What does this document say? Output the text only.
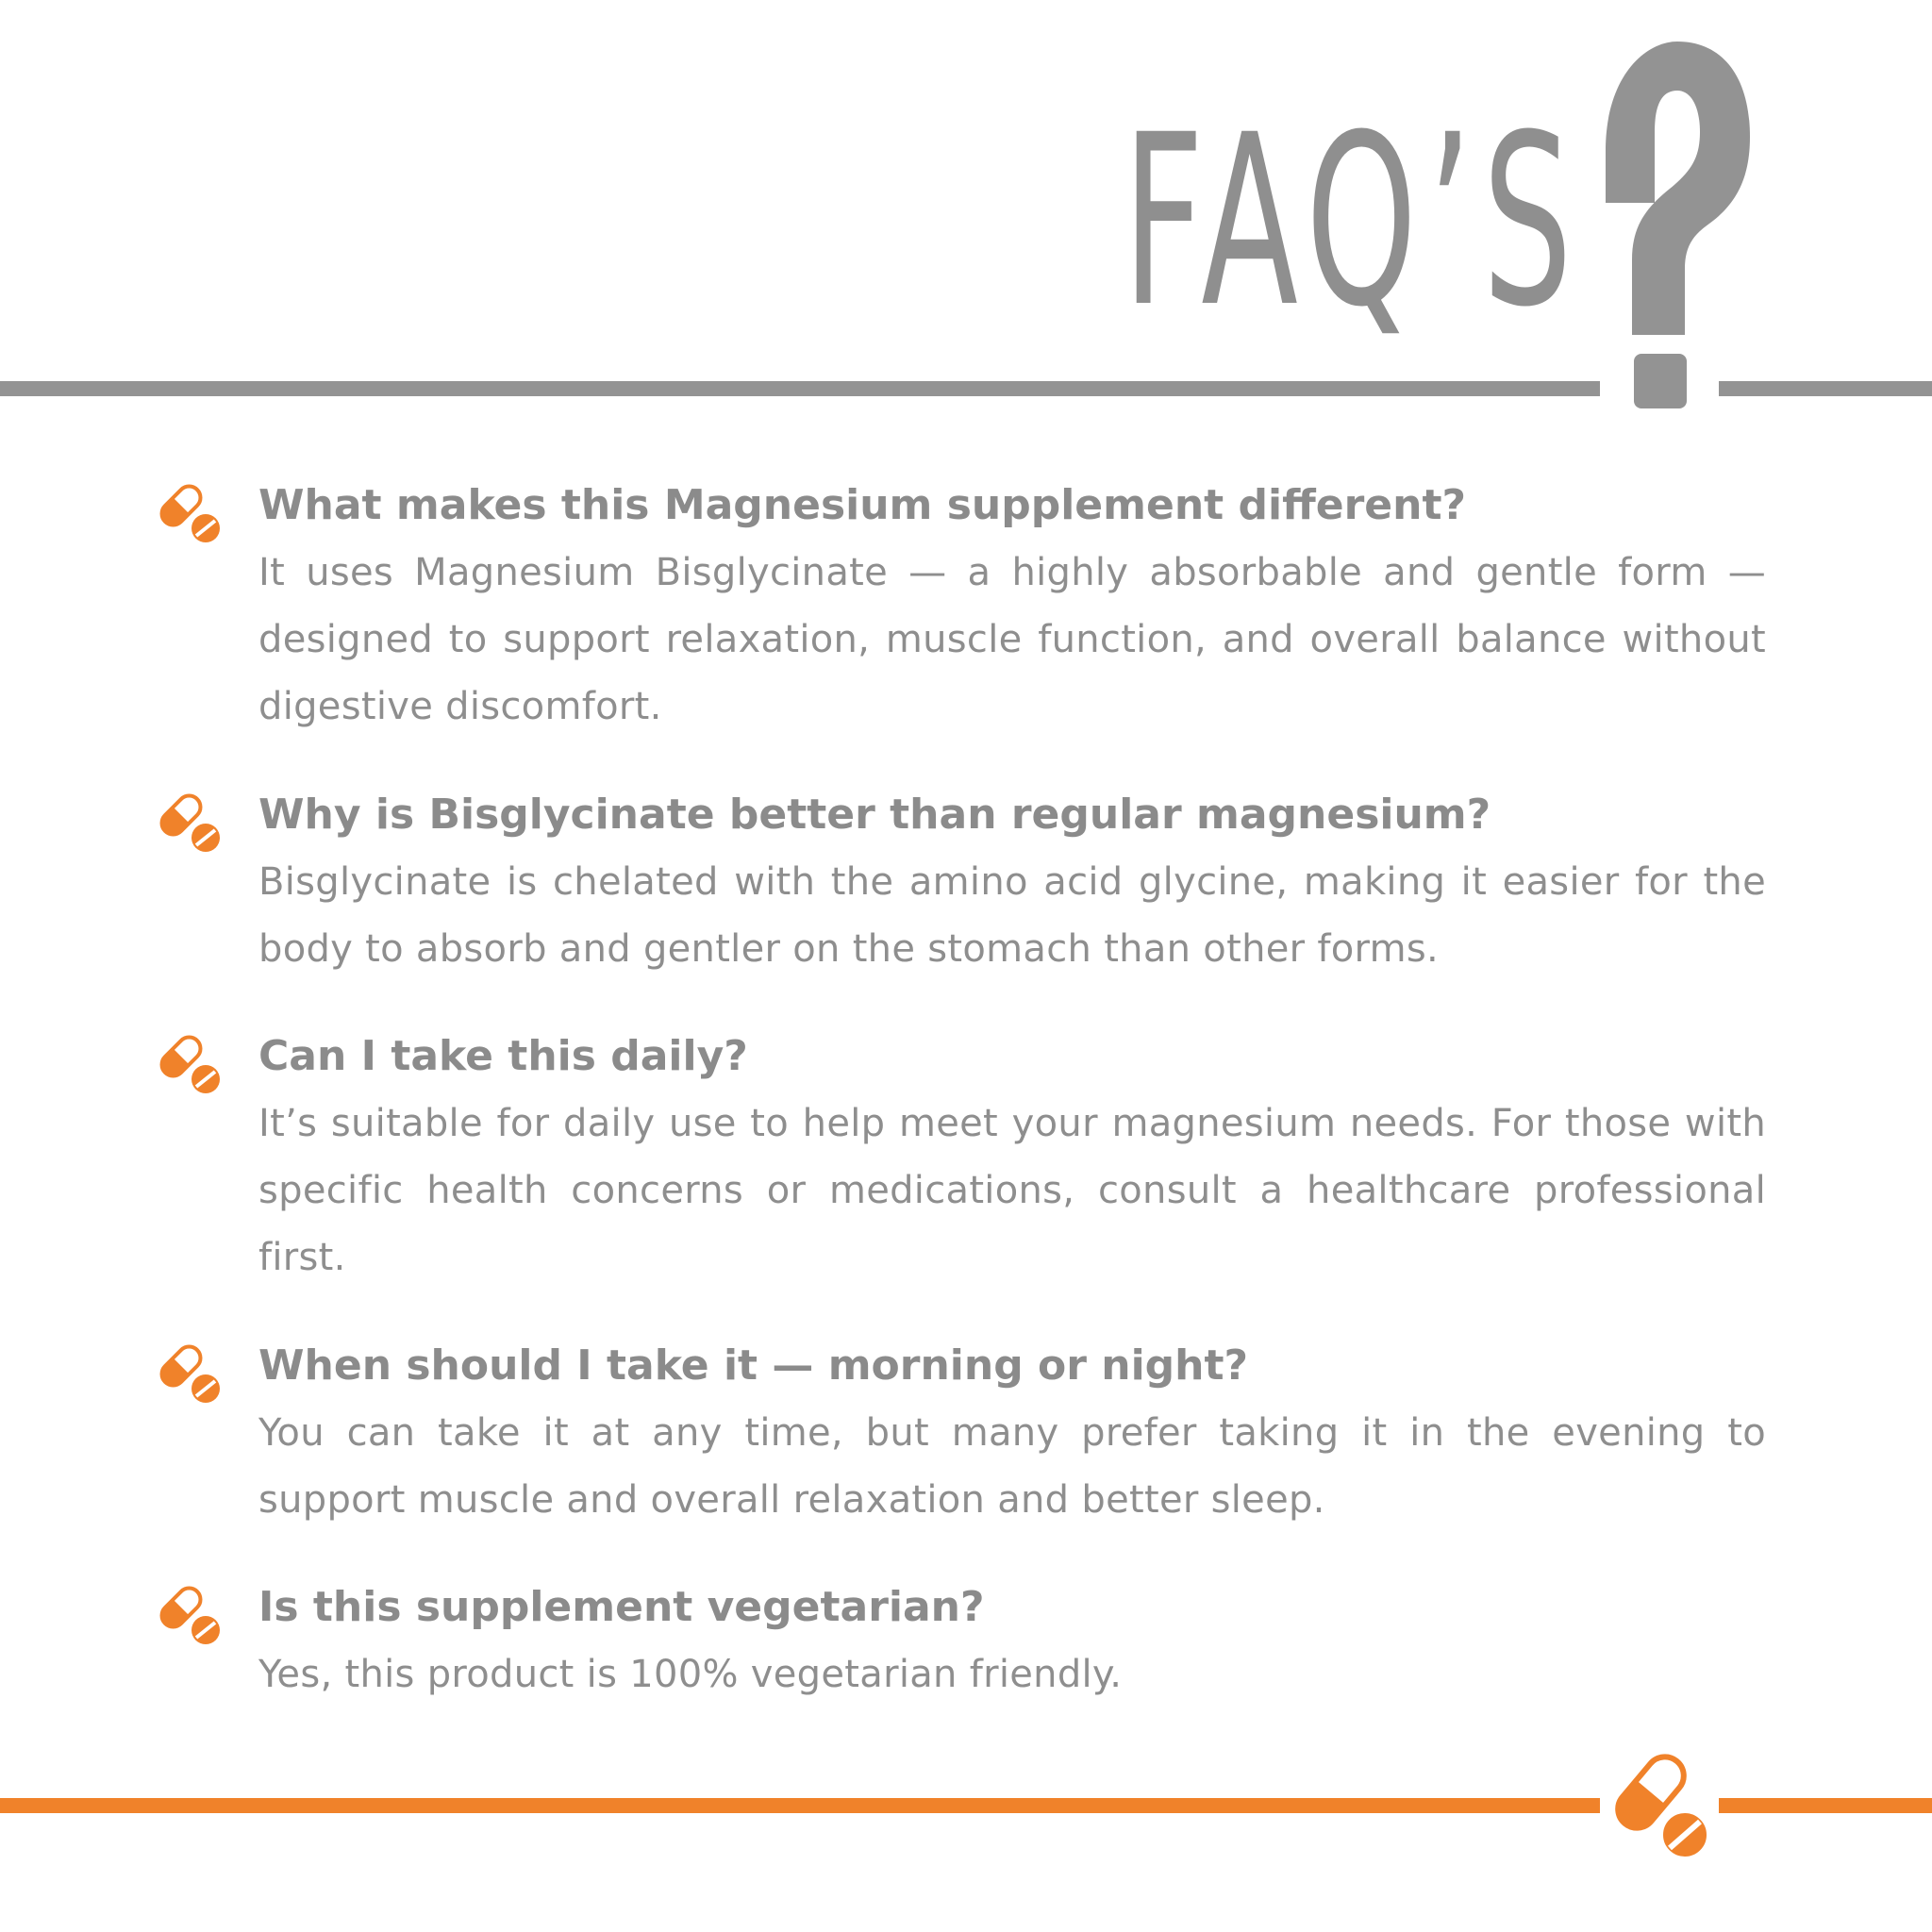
FAQ’S
What makes this Magnesium supplement different?
It uses Magnesium Bisglycinate — a highly absorbable and gentle form — designed to support relaxation, muscle function, and overall balance without digestive discomfort.
Why is Bisglycinate better than regular magnesium?
Bisglycinate is chelated with the amino acid glycine, making it easier for the body to absorb and gentler on the stomach than other forms.
Can I take this daily?
It’s suitable for daily use to help meet your magnesium needs. For those with specific health concerns or medications, consult a healthcare professional first.
When should I take it — morning or night?
You can take it at any time, but many prefer taking it in the evening to support muscle and overall relaxation and better sleep.
Is this supplement vegetarian?
Yes, this product is 100% vegetarian friendly.
